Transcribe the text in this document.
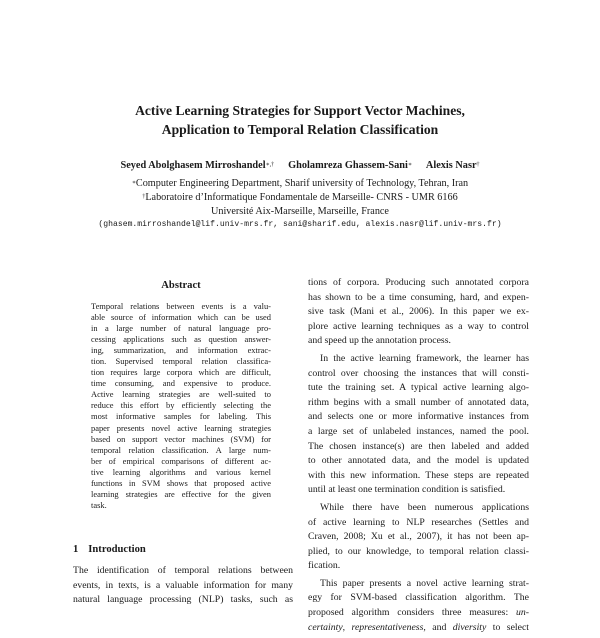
Active Learning Strategies for Support Vector Machines,
Application to Temporal Relation Classification
Seyed Abolghasem Mirroshandel∗,† Gholamreza Ghassem-Sani∗ Alexis Nasr†
∗Computer Engineering Department, Sharif university of Technology, Tehran, Iran
†Laboratoire d’Informatique Fondamentale de Marseille- CNRS - UMR 6166
Université Aix-Marseille, Marseille, France
(ghasem.mirroshandel@lif.univ-mrs.fr, sani@sharif.edu, alexis.nasr@lif.univ-mrs.fr)
Abstract
Temporal relations between events is a valu-
able source of information which can be used
in a large number of natural language pro-
cessing applications such as question answer-
ing, summarization, and information extrac-
tion. Supervised temporal relation classifica-
tion requires large corpora which are difficult,
time consuming, and expensive to produce.
Active learning strategies are well-suited to
reduce this effort by efficiently selecting the
most informative samples for labeling. This
paper presents novel active learning strategies
based on support vector machines (SVM) for
temporal relation classification. A large num-
ber of empirical comparisons of different ac-
tive learning algorithms and various kernel
functions in SVM shows that proposed active
learning strategies are effective for the given
task.
1 Introduction
The identification of temporal relations between
events, in texts, is a valuable information for many
natural language processing (NLP) tasks, such as
tions of corpora. Producing such annotated corpora
has shown to be a time consuming, hard, and expen-
sive task (Mani et al., 2006). In this paper we ex-
plore active learning techniques as a way to control
and speed up the annotation process.
In the active learning framework, the learner has
control over choosing the instances that will consti-
tute the training set. A typical active learning algo-
rithm begins with a small number of annotated data,
and selects one or more informative instances from
a large set of unlabeled instances, named the pool.
The chosen instance(s) are then labeled and added
to other annotated data, and the model is updated
with this new information. These steps are repeated
until at least one termination condition is satisfied.
While there have been numerous applications
of active learning to NLP researches (Settles and
Craven, 2008; Xu et al., 2007), it has not been ap-
plied, to our knowledge, to temporal relation classi-
fication.
This paper presents a novel active learning strat-
egy for SVM-based classification algorithm. The
proposed algorithm considers three measures: un-
certainty, representativeness, and diversity to select
